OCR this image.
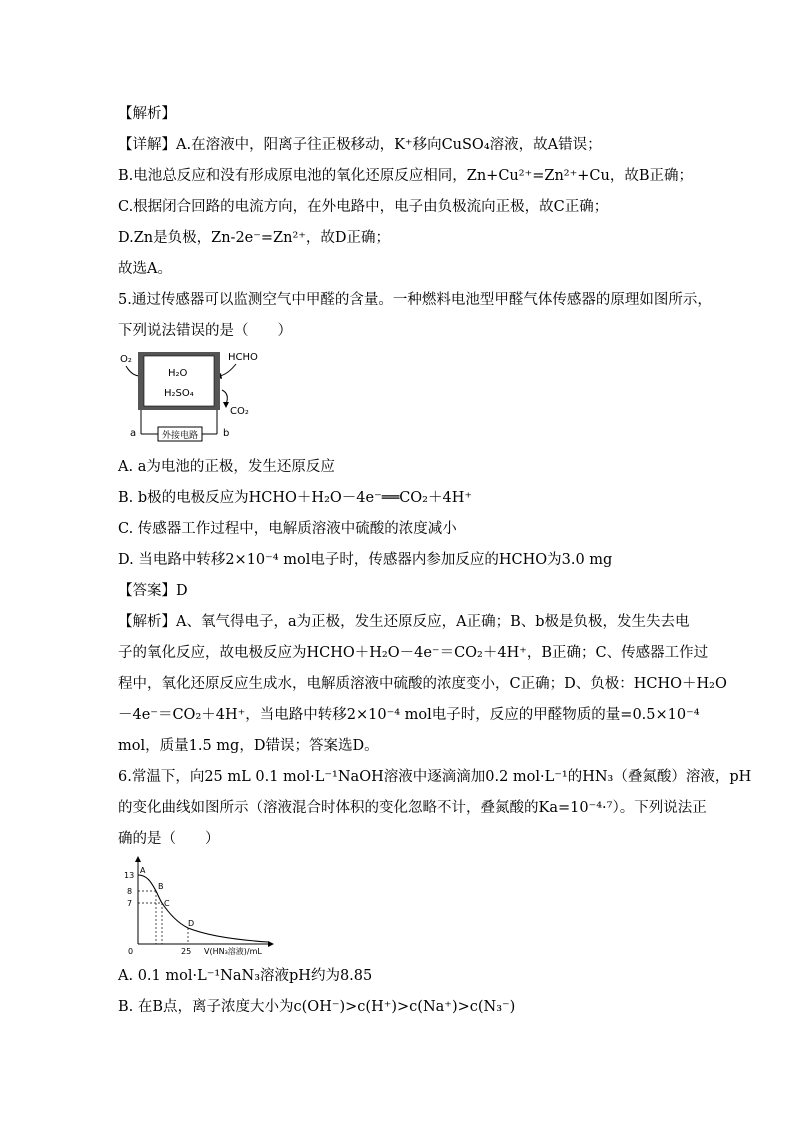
【解析】
【详解】A.在溶液中，阳离子往正极移动，K⁺移向CuSO₄溶液，故A错误；
B.电池总反应和没有形成原电池的氧化还原反应相同，Zn+Cu²⁺=Zn²⁺+Cu，故B正确；
C.根据闭合回路的电流方向，在外电路中，电子由负极流向正极，故C正确；
D.Zn是负极，Zn-2e⁻=Zn²⁺，故D正确；
故选A。
5.通过传感器可以监测空气中甲醛的含量。一种燃料电池型甲醛气体传感器的原理如图所示，
下列说法错误的是（　　）
O₂	HCHO
H₂O
H₂SO₄
CO₂
外接电路
a	b
A. a为电池的正极，发生还原反应
B. b极的电极反应为HCHO＋H₂O－4e⁻══CO₂＋4H⁺
C. 传感器工作过程中，电解质溶液中硫酸的浓度减小
D. 当电路中转移2×10⁻⁴ mol电子时，传感器内参加反应的HCHO为3.0 mg
【答案】D
【解析】A、氧气得电子，a为正极，发生还原反应，A正确；B、b极是负极，发生失去电
子的氧化反应，故电极反应为HCHO＋H₂O－4e⁻＝CO₂＋4H⁺，B正确；C、传感器工作过
程中，氧化还原反应生成水，电解质溶液中硫酸的浓度变小，C正确；D、负极：HCHO＋H₂O
－4e⁻＝CO₂＋4H⁺，当电路中转移2×10⁻⁴ mol电子时，反应的甲醛物质的量=0.5×10⁻⁴
mol，质量1.5 mg，D错误；答案选D。
6.常温下，向25 mL 0.1 mol·L⁻¹NaOH溶液中逐滴滴加0.2 mol·L⁻¹的HN₃（叠氮酸）溶液，pH
的变化曲线如图所示（溶液混合时体积的变化忽略不计，叠氮酸的Ka=10⁻⁴·⁷）。下列说法正
确的是（　　）
13
8
7
0
A
B
C
D
25 V(HN₃溶液)/mL
A. 0.1 mol·L⁻¹NaN₃溶液pH约为8.85
B. 在B点，离子浓度大小为c(OH⁻)>c(H⁺)>c(Na⁺)>c(N₃⁻)
